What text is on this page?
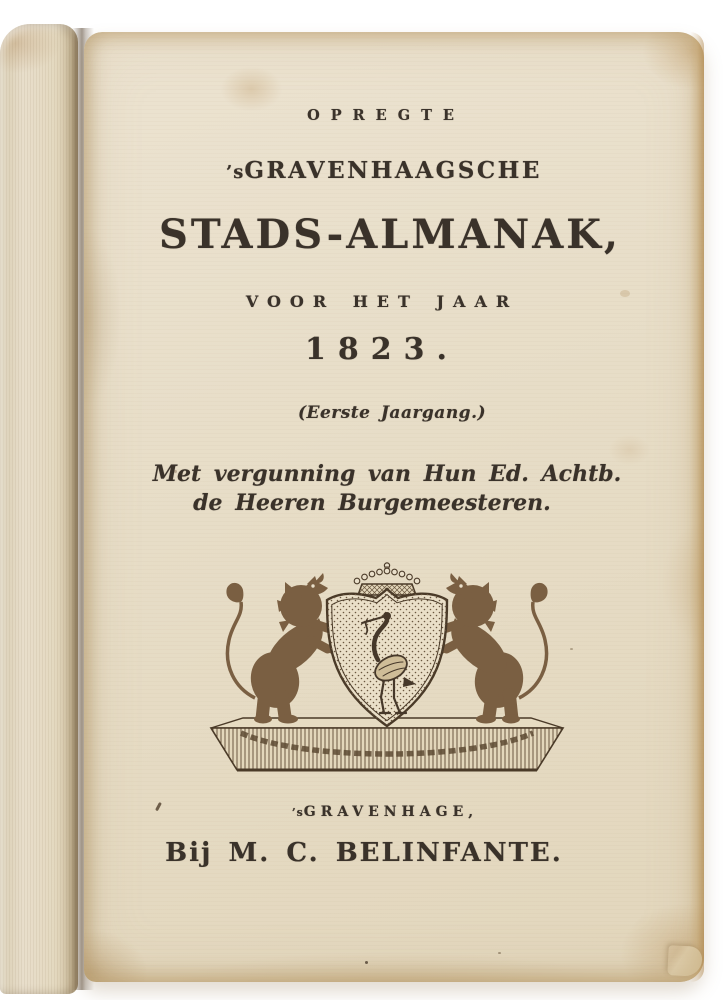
OPREGTE
’sGRAVENHAAGSCHE
STADS-ALMANAK,
VOOR HET JAAR
1823.
(Eerste Jaargang.)
Met vergunning van Hun Ed. Achtb.
de Heeren Burgemeesteren.
’sGRAVENHAGE,
Bij M. C. BELINFANTE.
